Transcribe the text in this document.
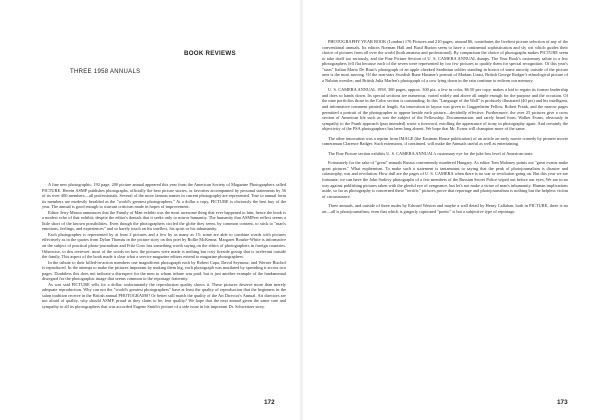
BOOK REVIEWS
THREE 1958 ANNUALS

A fine new photographic, 192 page, 200 picture annual appeared this year from the American Society of Magazine Photographers called PICTURE. Herein ASMP publishes photographs, officially the best picture stories, or favorites accompanied by personal statements by 56 of its over 400 members—all professionals. Several of the more famous names in current photography are represented. True to annual form its members are modestly heralded as the "world's greatest photographers." At a dollar a copy, PICTURE is obviously the best buy of the year. The annual is good enough to warrant criticism made in hopes of improvement.

Editor Jerry Mason announces that the Family of Man exhibit was the most awesome thing that ever happened to him, hence the book is a modest echo of that exhibit; despite the editor's denials that it seeks only to mirror humanity. The humanity that ASMPers reflect seems a little short of the known possibilities. Even though the photographers circled the globe they seem, by common consent, to stick to "man's emotions, feelings, and experiences" and so barely touch on his intellect, his spirit or his inhumanity.

Each photographer is represented by at least 2 pictures and a few by as many as 15; some are able to combine words with pictures effectively as in the quotes from Dylan Thomas in the picture story on this poet by Rollie McKenna. Margaret Bourke-White is informative on the subject of practical photo-journalism and Fritz Goro has something worth saying on the ethics of photographers in foreign countries. Otherwise, to this reviewer, most of the words on how the pictures were made is nothing but cosy fireside gossip that is irrelevant outside the family. This aspect of the book made it clear what a service magazine editors extend to magazine photographers.

In the tribute to their killed-in-action members one magnificent photograph each by Robert Capa, David Seymour, and Werner Bischof is reproduced. In the attempt to make the pictures important by making them big, each photograph was mutilated by spreading it across two pages. Doubtless this does not indicate a disrespect for the men to whom tribute was paid, but is just another example of the fundamental disregard for the photographic image that seems common to the reportage fraternity.

As was said PICTURE sells for a dollar; unfortunately the reproduction quality shows it. These pictures deserve more than merely adequate reproduction. Why can not the "world's greatest photographers" have at least the quality of reproduction that the beginners in the salon tradition receive in the British annual PHOTOGRAMS? Or better still match the quality of the Art Director's Annual. Art directors are not afraid of quality, why should ASMP, proud as they claim to be, fear quality? We hope that the next annual given the same care and sympathy to all its photographers that was accorded Eugene Smith's picture of a side issue in his important Dr. Schweitzer story.

172

PHOTOGRAPHY YEAR BOOK (London) 176 Pictures and 210 pages, around $6, contributes the liveliest picture selection of any of the conventional annuals. Its editors Norman Hall and Basil Burton seem to have a continental sophistication and sly wit which guides their choice of pictures from all over the world (both amateur and professional). By comparison the choice of photographs makes PICTURE seem to take itself too seriously, and the Fine Picture Section of U. S. CAMERA ANNUAL dumpy. The Year Book's customary salute to a few photographers fell flat because each of the seven were represented by too few pictures to qualify them for special recognition. Of this year's "stars" Italian Mario De Biasi's photograph of an apple cheeked Sardinian soldier standing in horror of some atrocity outside of the picture area is the most moving. Of the non-stars Swedish Rune Hassner's portrait of Madam Lintsi, British George Rodger's ethnological picture of a Nubian wrestler, and British Julia Marlen's photograph of a cow lying down in the rain continue to enliven our memory.

U. S. CAMERA ANNUAL 1958, 300 pages, approx. 300 pix, a few in color, $6.50 per copy, makes a bid to regain its former leadership and does so hands down. Its special sections are numerous, varied widely and above all ample enough for the purpose and the occasion. Of the nine portfolios those in the Color section is outstanding. In this "Language of the Wall" is profusely illustrated (40 pix) and his intelligent, and informative comment printed at length. An innovation in layout was given to Guggenheim Fellow, Robert Frank, and the narrow pages permitted a portrait of the photographer to appear beside each picture—decidedly effective. Furthermore, the over 25 pictures give a cross section of American life such as was the subject of the Fellowship. Documentarian, and rarely heard from, Walker Evans, obviously in sympathy to the Frank approach (pun intended) wrote a foreword, extolling the appearance of irony in photography again. And certainly the objectivity of the FSA photographers has been long absent. We hope that Mr. Evans will champion more of the same.

The other innovation was a reprint from IMAGE (the Eastman House publication) of an article on early movie comedy by pioneer movie cameraman Clarence Badger. Such extensions, if continued, will make the Annuals useful as well as entertaining.

The Fine Picture section exhibits U. S. CAMERA ANNUAL's customary eye for the juke box level of American taste.

Fortunately for the sake of "great" annuals Russia conveniently murdered Hungary. As editor Tom Maloney points out "great events make great pictures." What euphemism. To make such a statement is tantamount to saying that the peak of photojournalism is disaster and catastrophy, war and revolution. How dull are the pages of U. S. CAMERA when there is no war or revolution going on. But this year we are fortunate, we can have the John Sadovy photographs of a few members of the Russian Secret Police wiped out before our eyes. We are in no way against publishing pictures taken with the gleeful eye of vengeance, but let's not make a virtue of man's inhumanity. Human implications aside, so far as photography is concerned these "terrific" pictures prove that reportage and photojournalism is nothing but the helpless victim of circumstance.

Three annuals, and outside of three nudes by Edward Weston and maybe a wall detail by Henry Callahan, both in PICTURE, there is no art—all is photojournalism, even that which is gingerly captioned "poetic" is but a subjective type of reportage.

173
